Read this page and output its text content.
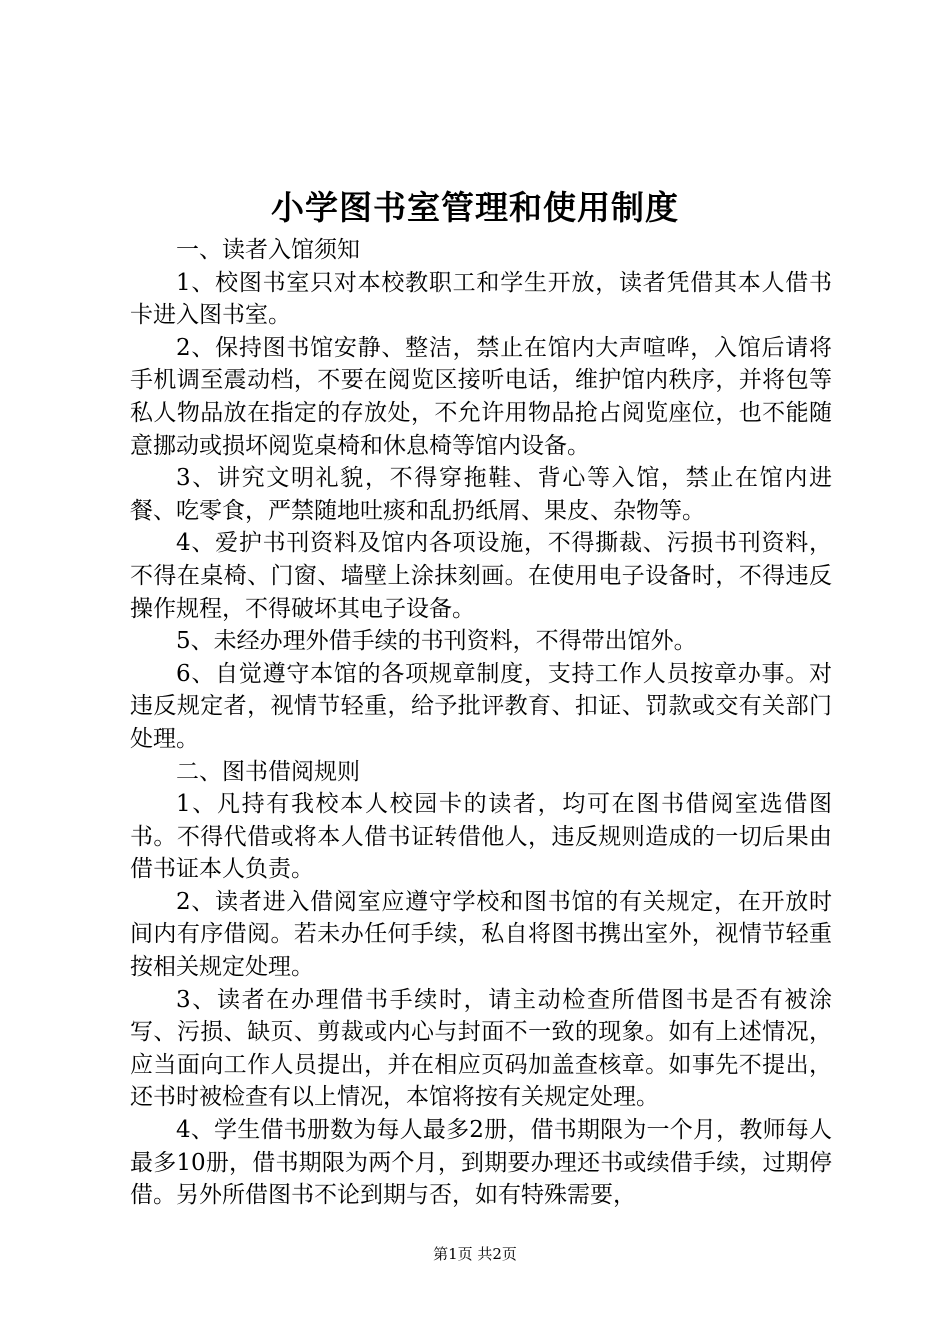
小学图书室管理和使用制度

一、读者入馆须知

1、校图书室只对本校教职工和学生开放，读者凭借其本人借书卡进入图书室。

2、保持图书馆安静、整洁，禁止在馆内大声喧哗，入馆后请将手机调至震动档，不要在阅览区接听电话，维护馆内秩序，并将包等私人物品放在指定的存放处，不允许用物品抢占阅览座位，也不能随意挪动或损坏阅览桌椅和休息椅等馆内设备。

3、讲究文明礼貌，不得穿拖鞋、背心等入馆，禁止在馆内进餐、吃零食，严禁随地吐痰和乱扔纸屑、果皮、杂物等。

4、爱护书刊资料及馆内各项设施，不得撕裁、污损书刊资料，不得在桌椅、门窗、墙壁上涂抹刻画。在使用电子设备时，不得违反操作规程，不得破坏其电子设备。

5、未经办理外借手续的书刊资料，不得带出馆外。

6、自觉遵守本馆的各项规章制度，支持工作人员按章办事。对违反规定者，视情节轻重，给予批评教育、扣证、罚款或交有关部门处理。

二、图书借阅规则

1、凡持有我校本人校园卡的读者，均可在图书借阅室选借图书。不得代借或将本人借书证转借他人，违反规则造成的一切后果由借书证本人负责。

2、读者进入借阅室应遵守学校和图书馆的有关规定，在开放时间内有序借阅。若未办任何手续，私自将图书携出室外，视情节轻重按相关规定处理。

3、读者在办理借书手续时，请主动检查所借图书是否有被涂写、污损、缺页、剪裁或内心与封面不一致的现象。如有上述情况，应当面向工作人员提出，并在相应页码加盖查核章。如事先不提出，还书时被检查有以上情况，本馆将按有关规定处理。

4、学生借书册数为每人最多2册，借书期限为一个月，教师每人最多10册，借书期限为两个月，到期要办理还书或续借手续，过期停借。另外所借图书不论到期与否，如有特殊需要，

第1页 共2页
